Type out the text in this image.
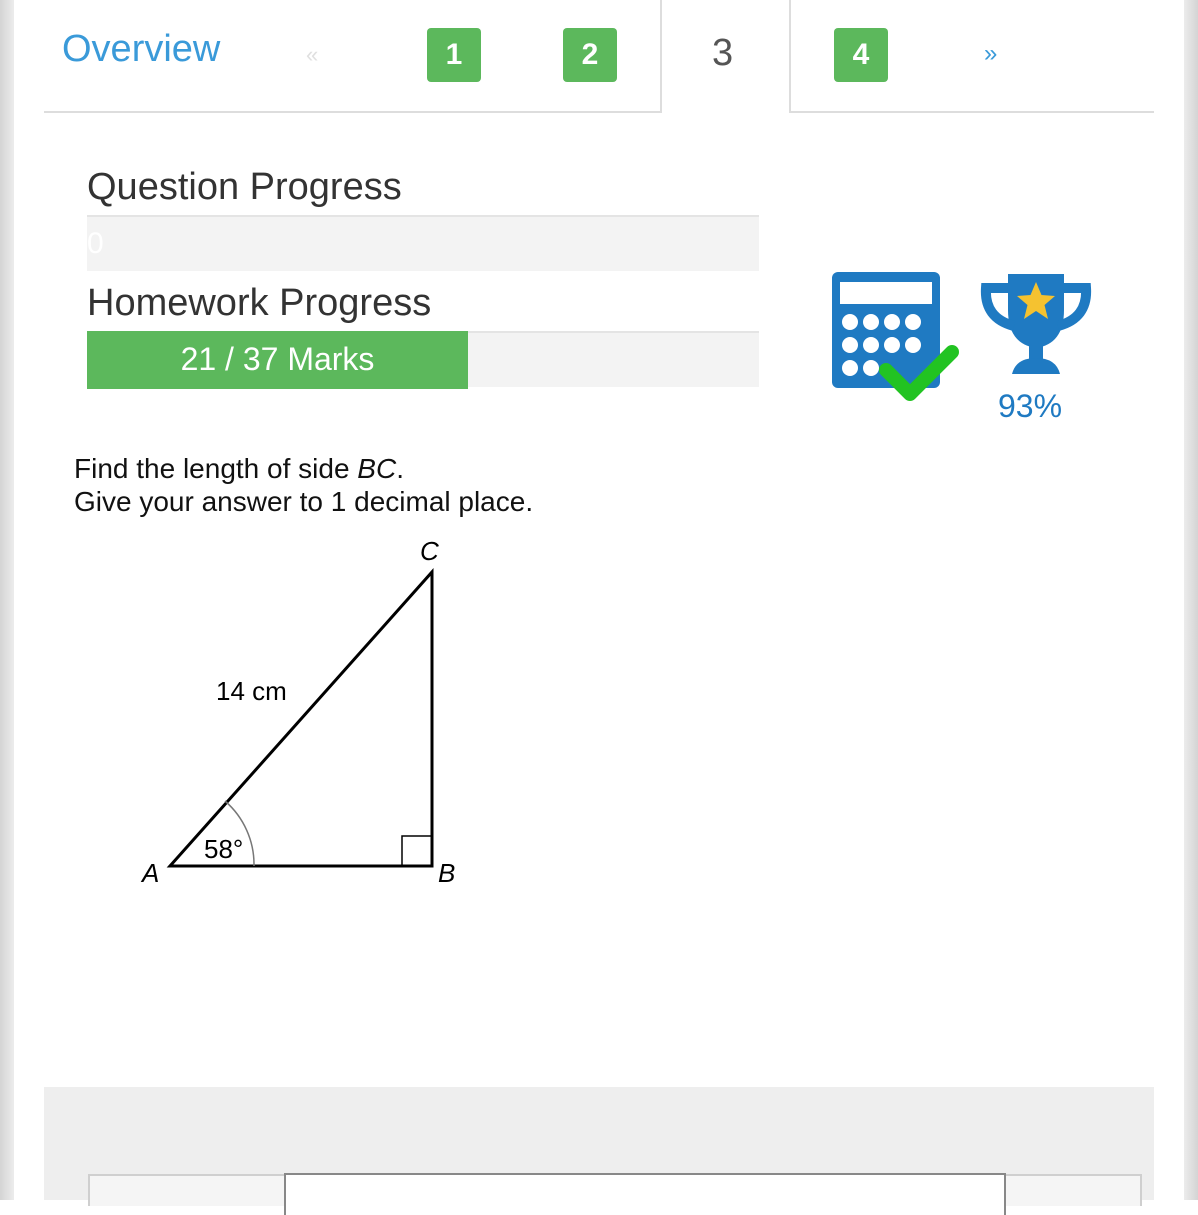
Overview	«	1	2	3	4	»
Question Progress
0
Homework Progress
21 / 37 Marks
93%
Find the length of side BC.
Give your answer to 1 decimal place.
A	B
C
14 cm
58°
